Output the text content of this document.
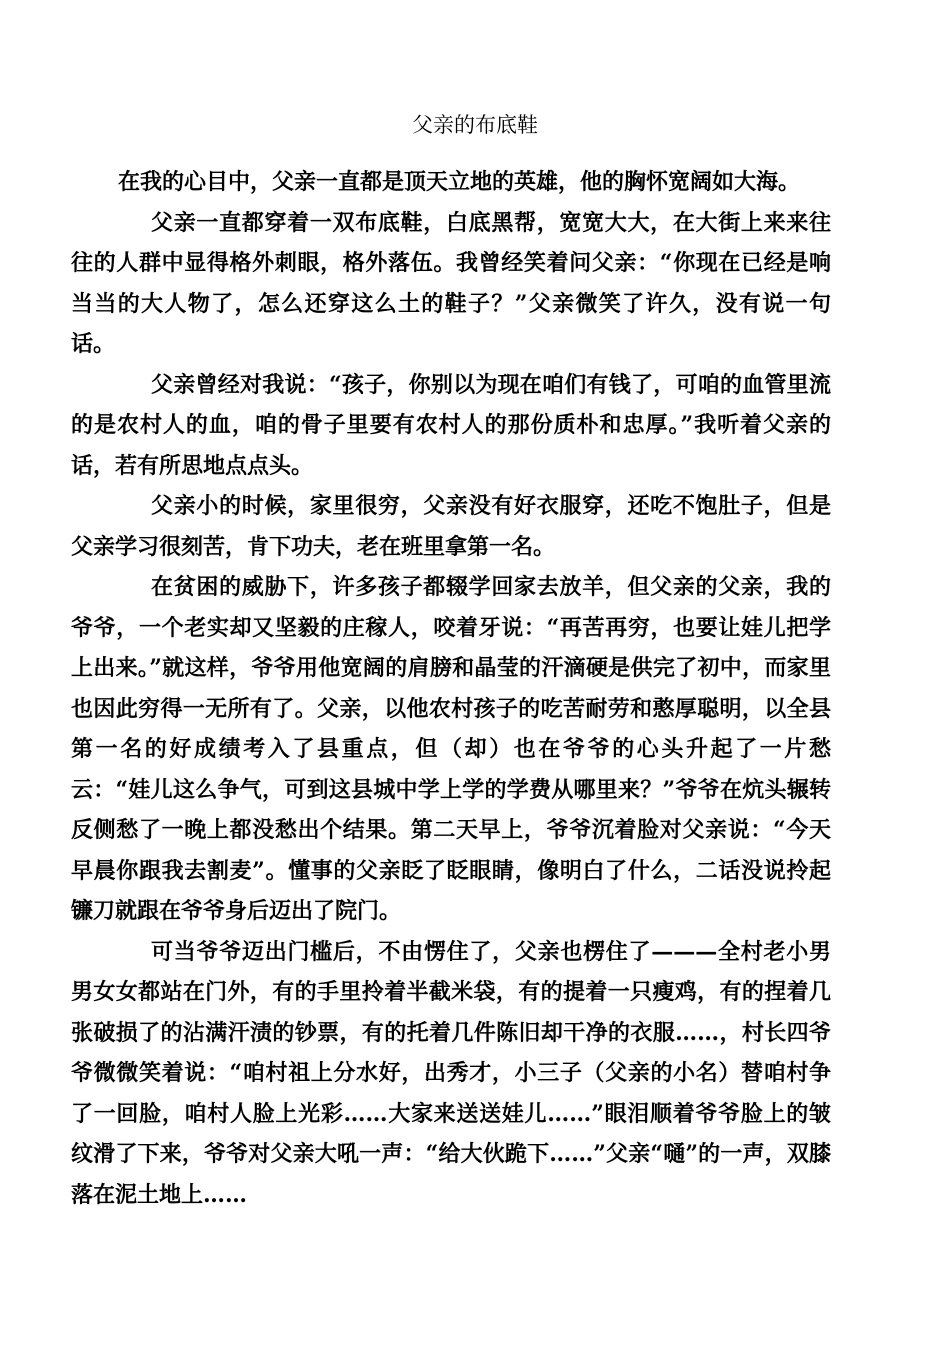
父亲的布底鞋

在我的心目中，父亲一直都是顶天立地的英雄，他的胸怀宽阔如大海。

父亲一直都穿着一双布底鞋，白底黑帮，宽宽大大，在大街上来来往往的人群中显得格外刺眼，格外落伍。我曾经笑着问父亲：“你现在已经是响当当的大人物了，怎么还穿这么土的鞋子？”父亲微笑了许久，没有说一句话。

父亲曾经对我说：“孩子，你别以为现在咱们有钱了，可咱的血管里流的是农村人的血，咱的骨子里要有农村人的那份质朴和忠厚。”我听着父亲的话，若有所思地点点头。

父亲小的时候，家里很穷，父亲没有好衣服穿，还吃不饱肚子，但是父亲学习很刻苦，肯下功夫，老在班里拿第一名。

在贫困的威胁下，许多孩子都辍学回家去放羊，但父亲的父亲，我的爷爷，一个老实却又坚毅的庄稼人，咬着牙说：“再苦再穷，也要让娃儿把学上出来。”就这样，爷爷用他宽阔的肩膀和晶莹的汗滴硬是供完了初中，而家里也因此穷得一无所有了。父亲，以他农村孩子的吃苦耐劳和憨厚聪明，以全县第一名的好成绩考入了县重点，但（却）也在爷爷的心头升起了一片愁云：“娃儿这么争气，可到这县城中学上学的学费从哪里来？”爷爷在炕头辗转反侧愁了一晚上都没愁出个结果。第二天早上，爷爷沉着脸对父亲说：“今天早晨你跟我去割麦”。懂事的父亲眨了眨眼睛，像明白了什么，二话没说拎起镰刀就跟在爷爷身后迈出了院门。

可当爷爷迈出门槛后，不由愣住了，父亲也楞住了———全村老小男男女女都站在门外，有的手里拎着半截米袋，有的提着一只瘦鸡，有的捏着几张破损了的沾满汗渍的钞票，有的托着几件陈旧却干净的衣服……，村长四爷爷微微笑着说：“咱村祖上分水好，出秀才，小三子（父亲的小名）替咱村争了一回脸，咱村人脸上光彩……大家来送送娃儿……”眼泪顺着爷爷脸上的皱纹滑了下来，爷爷对父亲大吼一声：“给大伙跪下……”父亲“嗵”的一声，双膝落在泥土地上……
